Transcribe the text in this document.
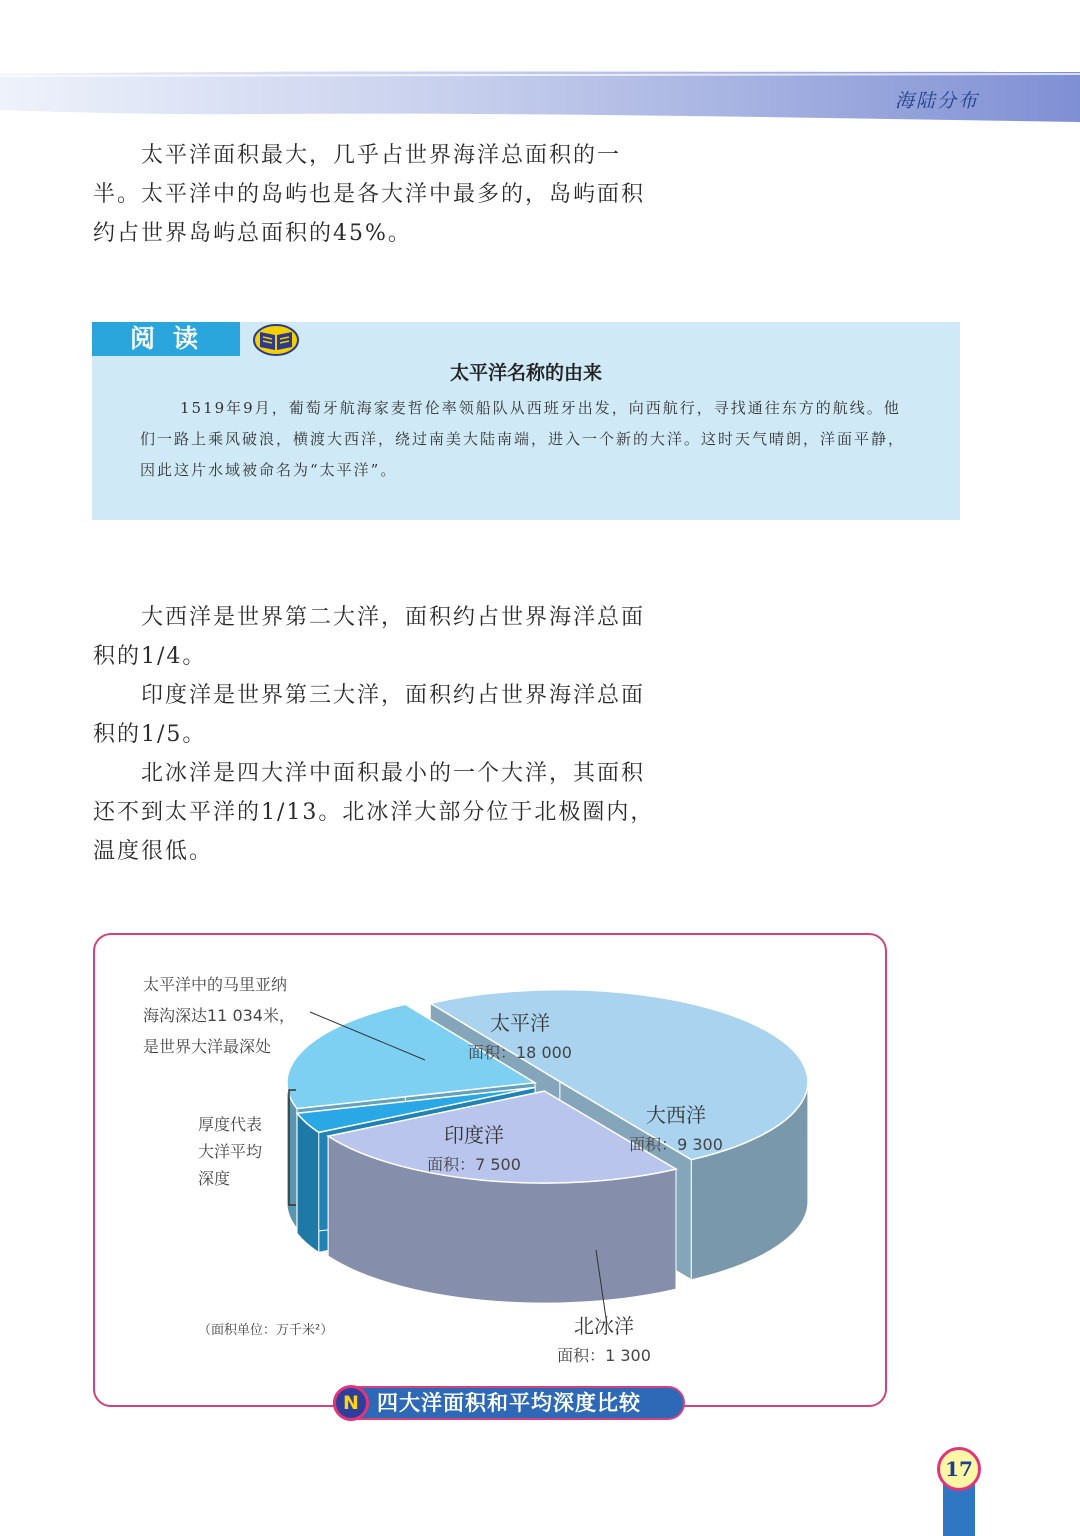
海陆分布

太平洋面积最大，几乎占世界海洋总面积的一半。太平洋中的岛屿也是各大洋中最多的，岛屿面积约占世界岛屿总面积的45%。

阅读
太平洋名称的由来

1519年9月，葡萄牙航海家麦哲伦率领船队从西班牙出发，向西航行，寻找通往东方的航线。他们一路上乘风破浪，横渡大西洋，绕过南美大陆南端，进入一个新的大洋。这时天气晴朗，洋面平静，因此这片水域被命名为“太平洋”。

大西洋是世界第二大洋，面积约占世界海洋总面积的1/4。

印度洋是世界第三大洋，面积约占世界海洋总面积的1/5。

北冰洋是四大洋中面积最小的一个大洋，其面积还不到太平洋的1/13。北冰洋大部分位于北极圈内，温度很低。

太平洋
面积：18 000
大西洋
面积：9 300
北冰洋
面积：1 300
印度洋
面积：7 500
太平洋中的马里亚纳
海沟深达11 034米，
是世界大洋最深处
厚度代表
大洋平均
深度
（面积单位：万千米²）
N 四大洋面积和平均深度比较
17
